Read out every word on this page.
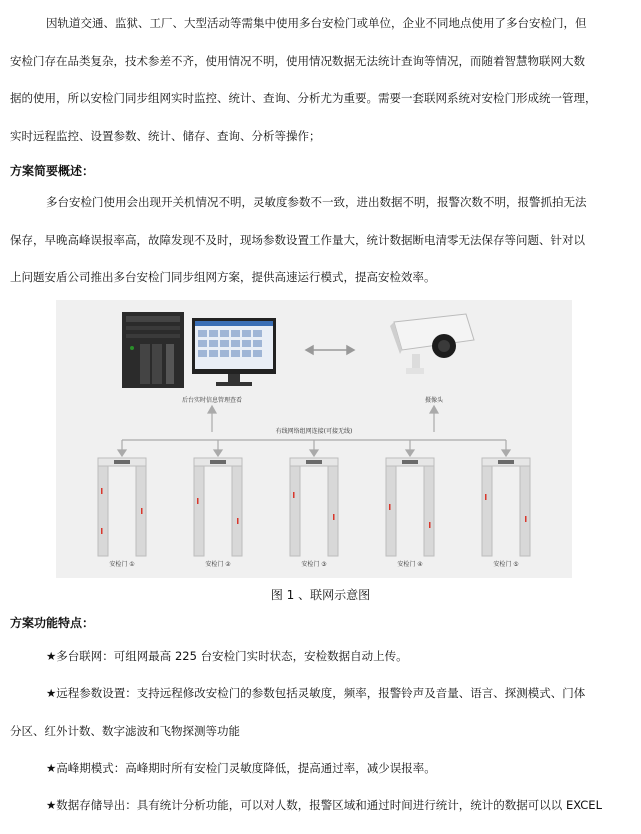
因轨道交通、监狱、工厂、大型活动等需集中使用多台安检门或单位，企业不同地点使用了多台安检门，但
安检门存在品类复杂，技术参差不齐，使用情况不明，使用情况数据无法统计查询等情况，而随着智慧物联网大数
据的使用，所以安检门同步组网实时监控、统计、查询、分析尤为重要。需要一套联网系统对安检门形成统一管理，
实时远程监控、设置参数、统计、储存、查询、分析等操作；
方案简要概述：
多台安检门使用会出现开关机情况不明，灵敏度参数不一致，进出数据不明，报警次数不明，报警抓拍无法
保存，早晚高峰误报率高，故障发现不及时，现场参数设置工作量大，统计数据断电清零无法保存等问题、针对以
上问题安盾公司推出多台安检门同步组网方案，提供高速运行模式，提高安检效率。
后台实时信息管理查看	摄像头
有线网络组网连接(可接无线)
安检门 ①	安检门 ②	安检门 ③	安检门 ④	安检门 ⑤
图 1 、联网示意图
方案功能特点：
★多台联网：可组网最高 225 台安检门实时状态，安检数据自动上传。
★远程参数设置：支持远程修改安检门的参数包括灵敏度，频率，报警铃声及音量、语言、探测模式、门体
分区、红外计数、数字滤波和飞物探测等功能
★高峰期模式：高峰期时所有安检门灵敏度降低，提高通过率，减少误报率。
★数据存储导出：具有统计分析功能，可以对人数，报警区域和通过时间进行统计，统计的数据可以以 EXCEL
